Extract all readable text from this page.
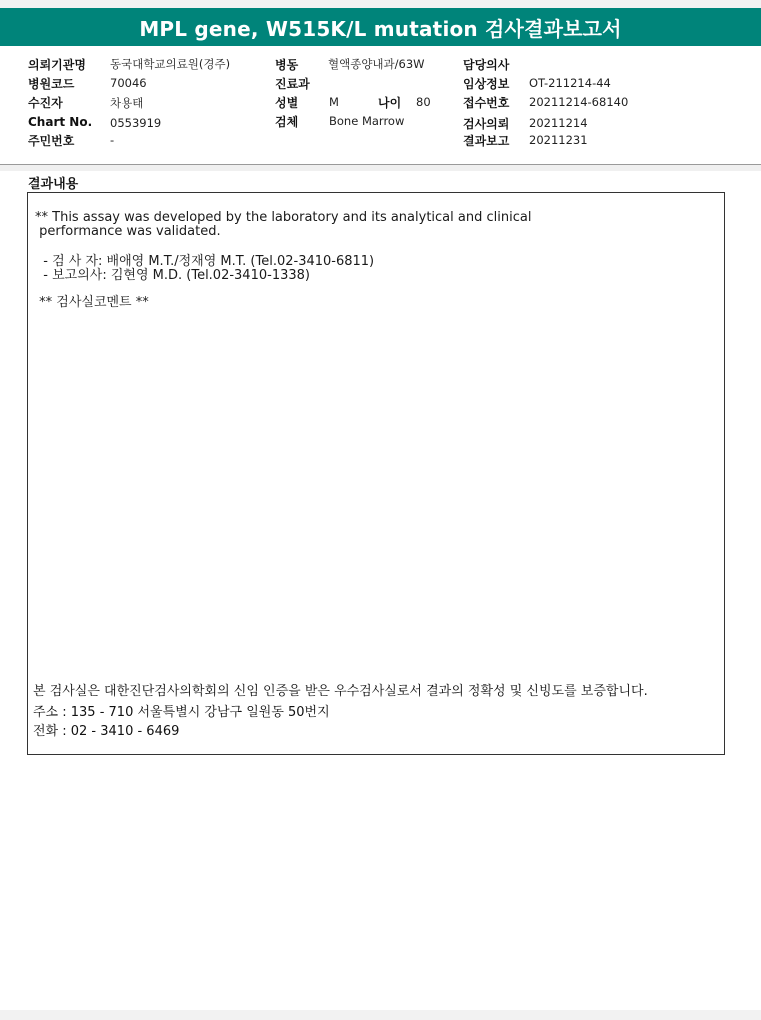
MPL gene, W515K/L mutation 검사결과보고서
의뢰기관명
병원코드
수진자
Chart No.
주민번호
동국대학교의료원(경주)
70046
차용태
0553919
-
병동
진료과
성별
검체
혈액종양내과/63W
M	나이 80
Bone Marrow
담당의사
임상정보
접수번호
검사의뢰
결과보고
OT-211214-44
20211214-68140
20211214
20211231
결과내용
** This assay was developed by the laboratory and its analytical and clinical
performance was validated.
- 검 사 자: 배애영 M.T./정재영 M.T. (Tel.02-3410-6811)
- 보고의사: 김현영 M.D. (Tel.02-3410-1338)
** 검사실코멘트 **
본 검사실은 대한진단검사의학회의 신임 인증을 받은 우수검사실로서 결과의 정확성 및 신빙도를 보증합니다.
주소 : 135 - 710 서울특별시 강남구 일원동 50번지
전화 : 02 - 3410 - 6469
